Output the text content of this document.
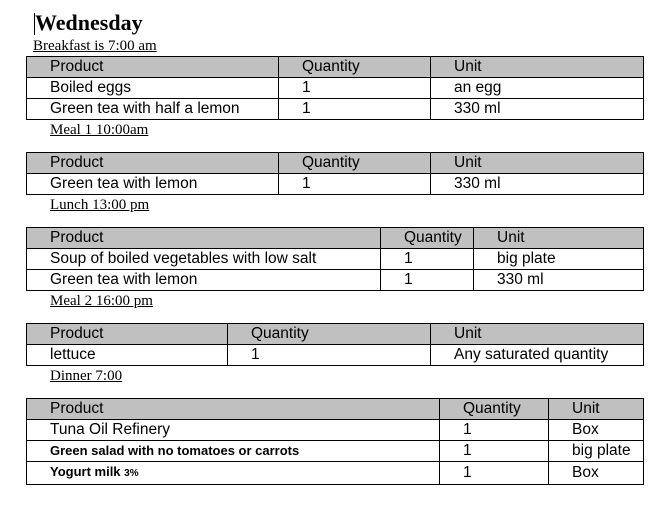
Wednesday
Breakfast is 7:00 am
Product	Quantity	Unit
Boiled eggs	1	an egg
Green tea with half a lemon	1	330 ml
Meal 1 10:00am
Product	Quantity	Unit
Green tea with lemon	1	330 ml
Lunch 13:00 pm
Product	Quantity	Unit
Soup of boiled vegetables with low salt	1	big plate
Green tea with lemon	1	330 ml
Meal 2 16:00 pm
Product	Quantity	Unit
lettuce	1	Any saturated quantity
Dinner 7:00
Product	Quantity	Unit
Tuna Oil Refinery	1	Box
Green salad with no tomatoes or carrots	1	big plate
Yogurt milk 3%	1	Box
